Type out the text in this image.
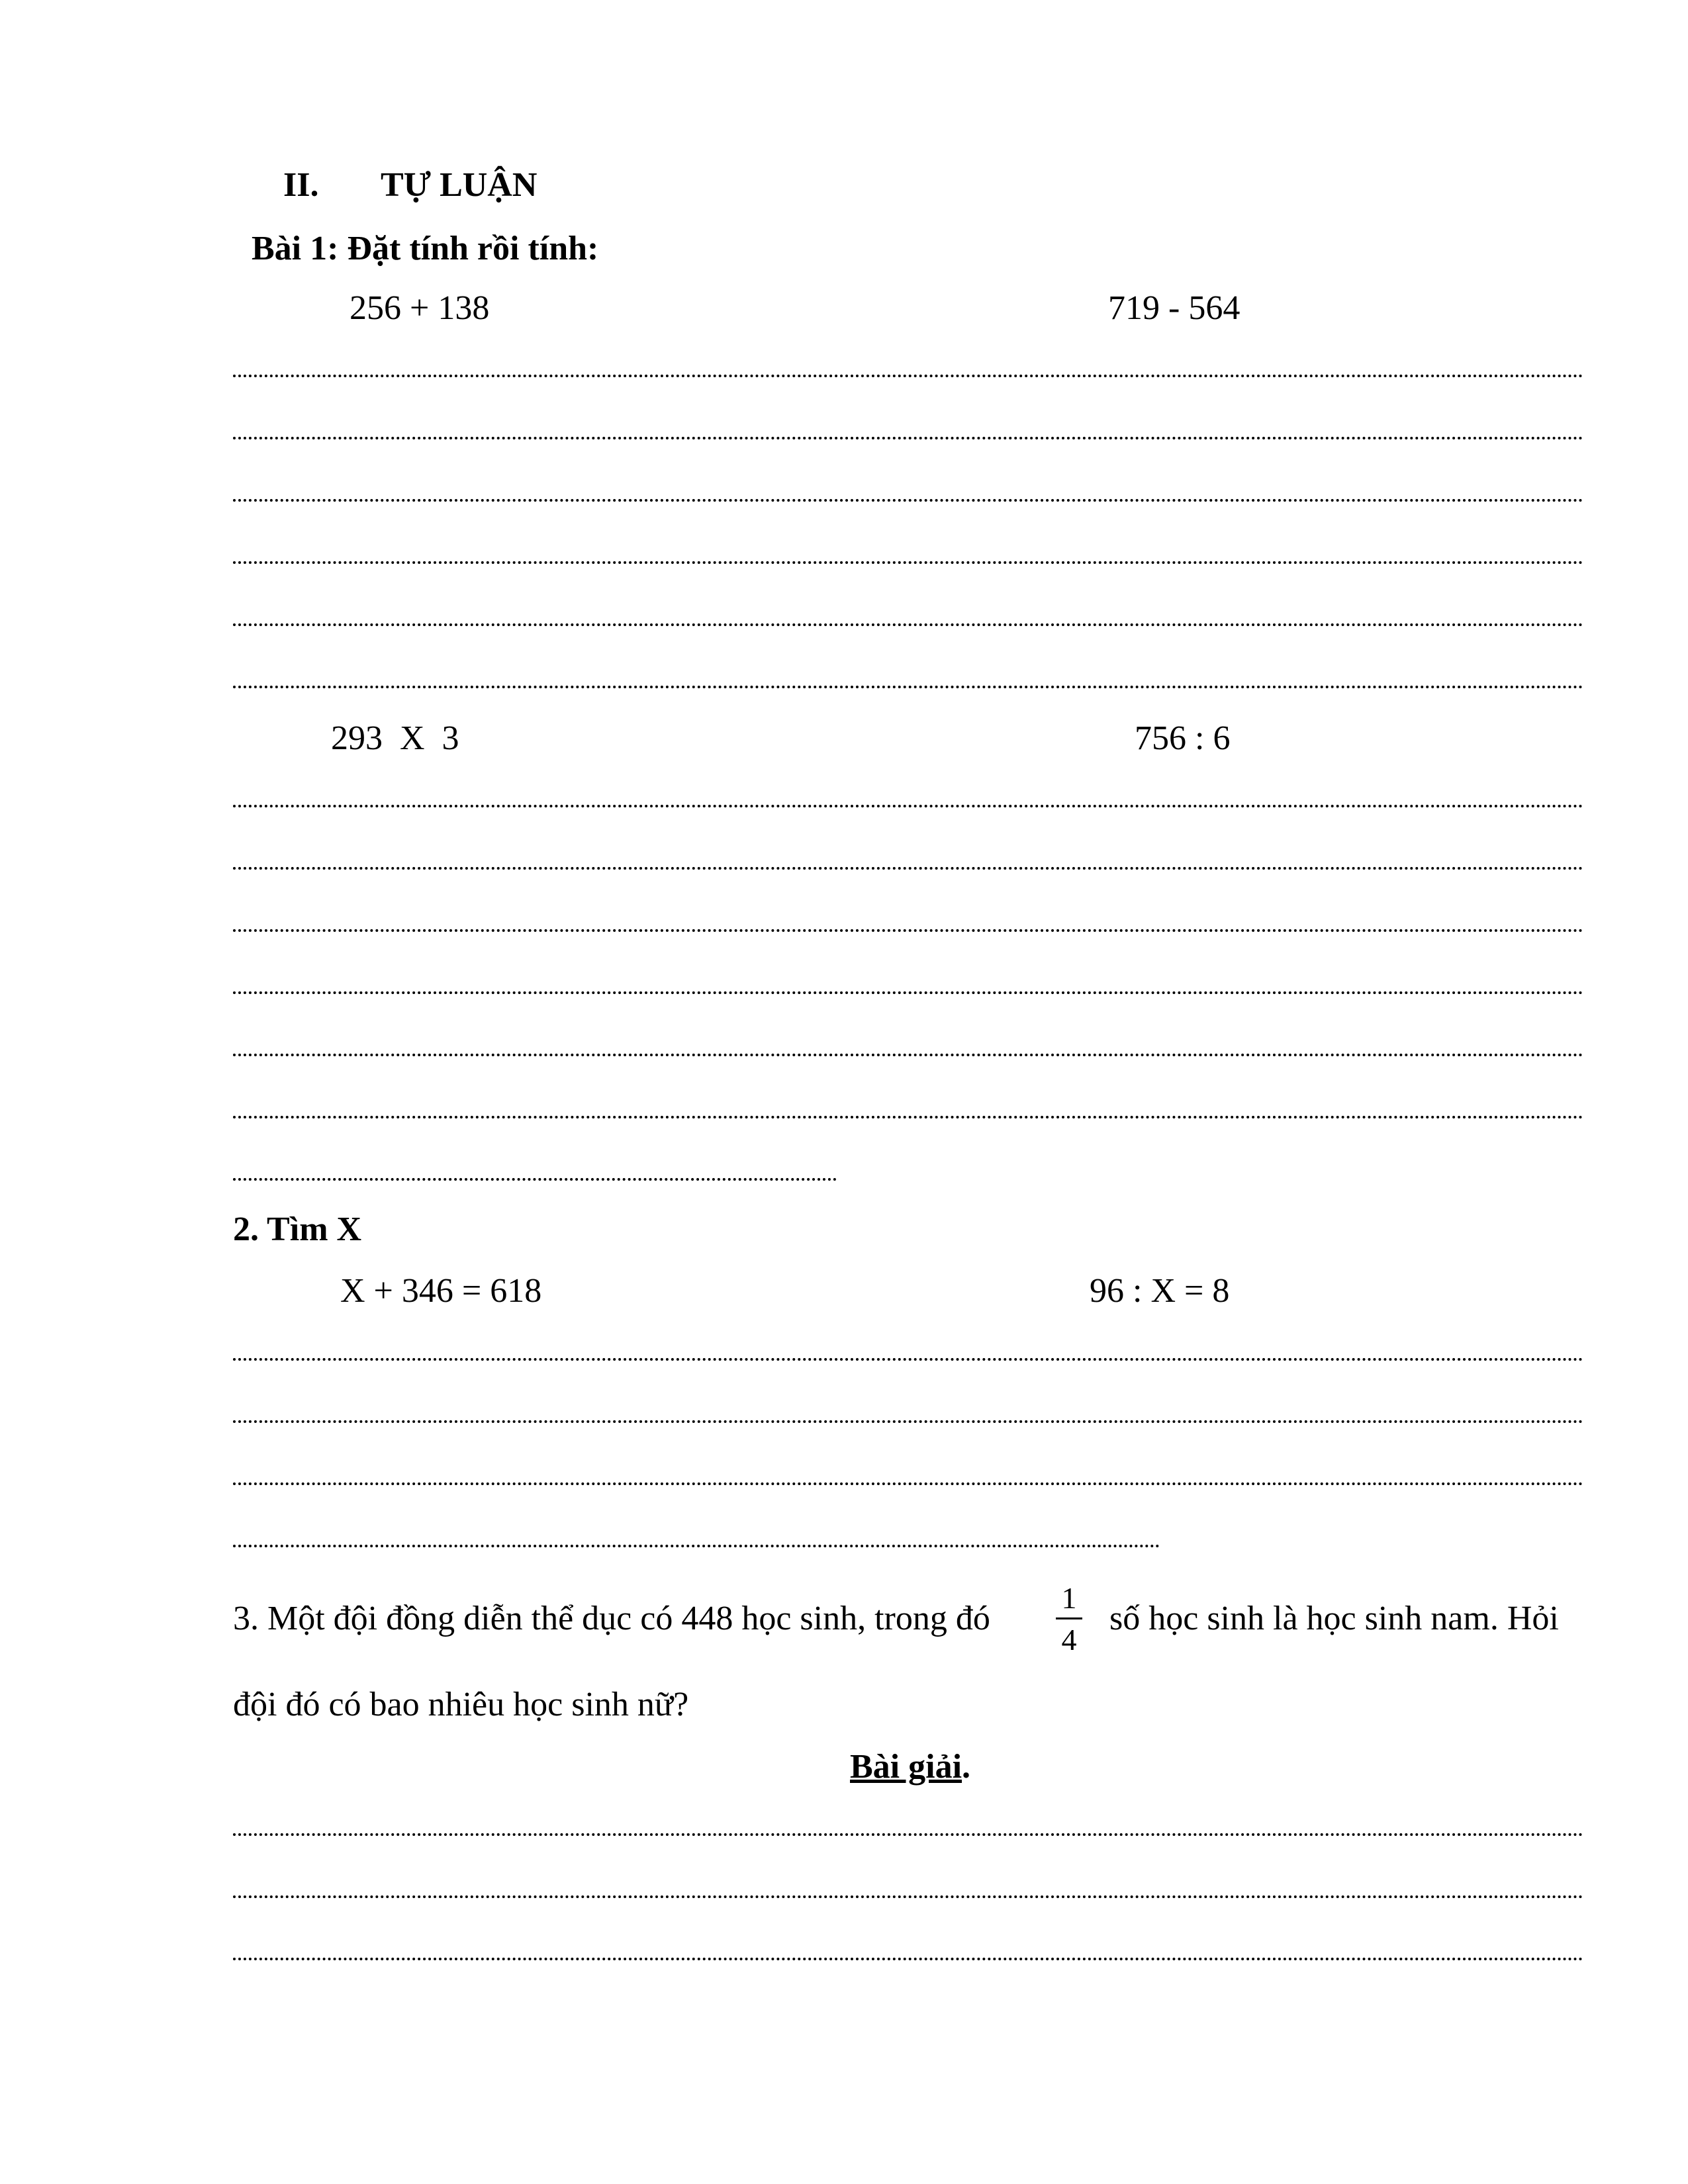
II. TỰ LUẬN
Bài 1: Đặt tính rồi tính:
256 + 138	719 - 564
293  X  3	756 : 6
2. Tìm X
X + 346 = 618	96 : X = 8
3. Một đội đồng diễn thể dục có 448 học sinh, trong đó
1
4
số học sinh là học sinh nam. Hỏi
đội đó có bao nhiêu học sinh nữ?
Bài giải.
